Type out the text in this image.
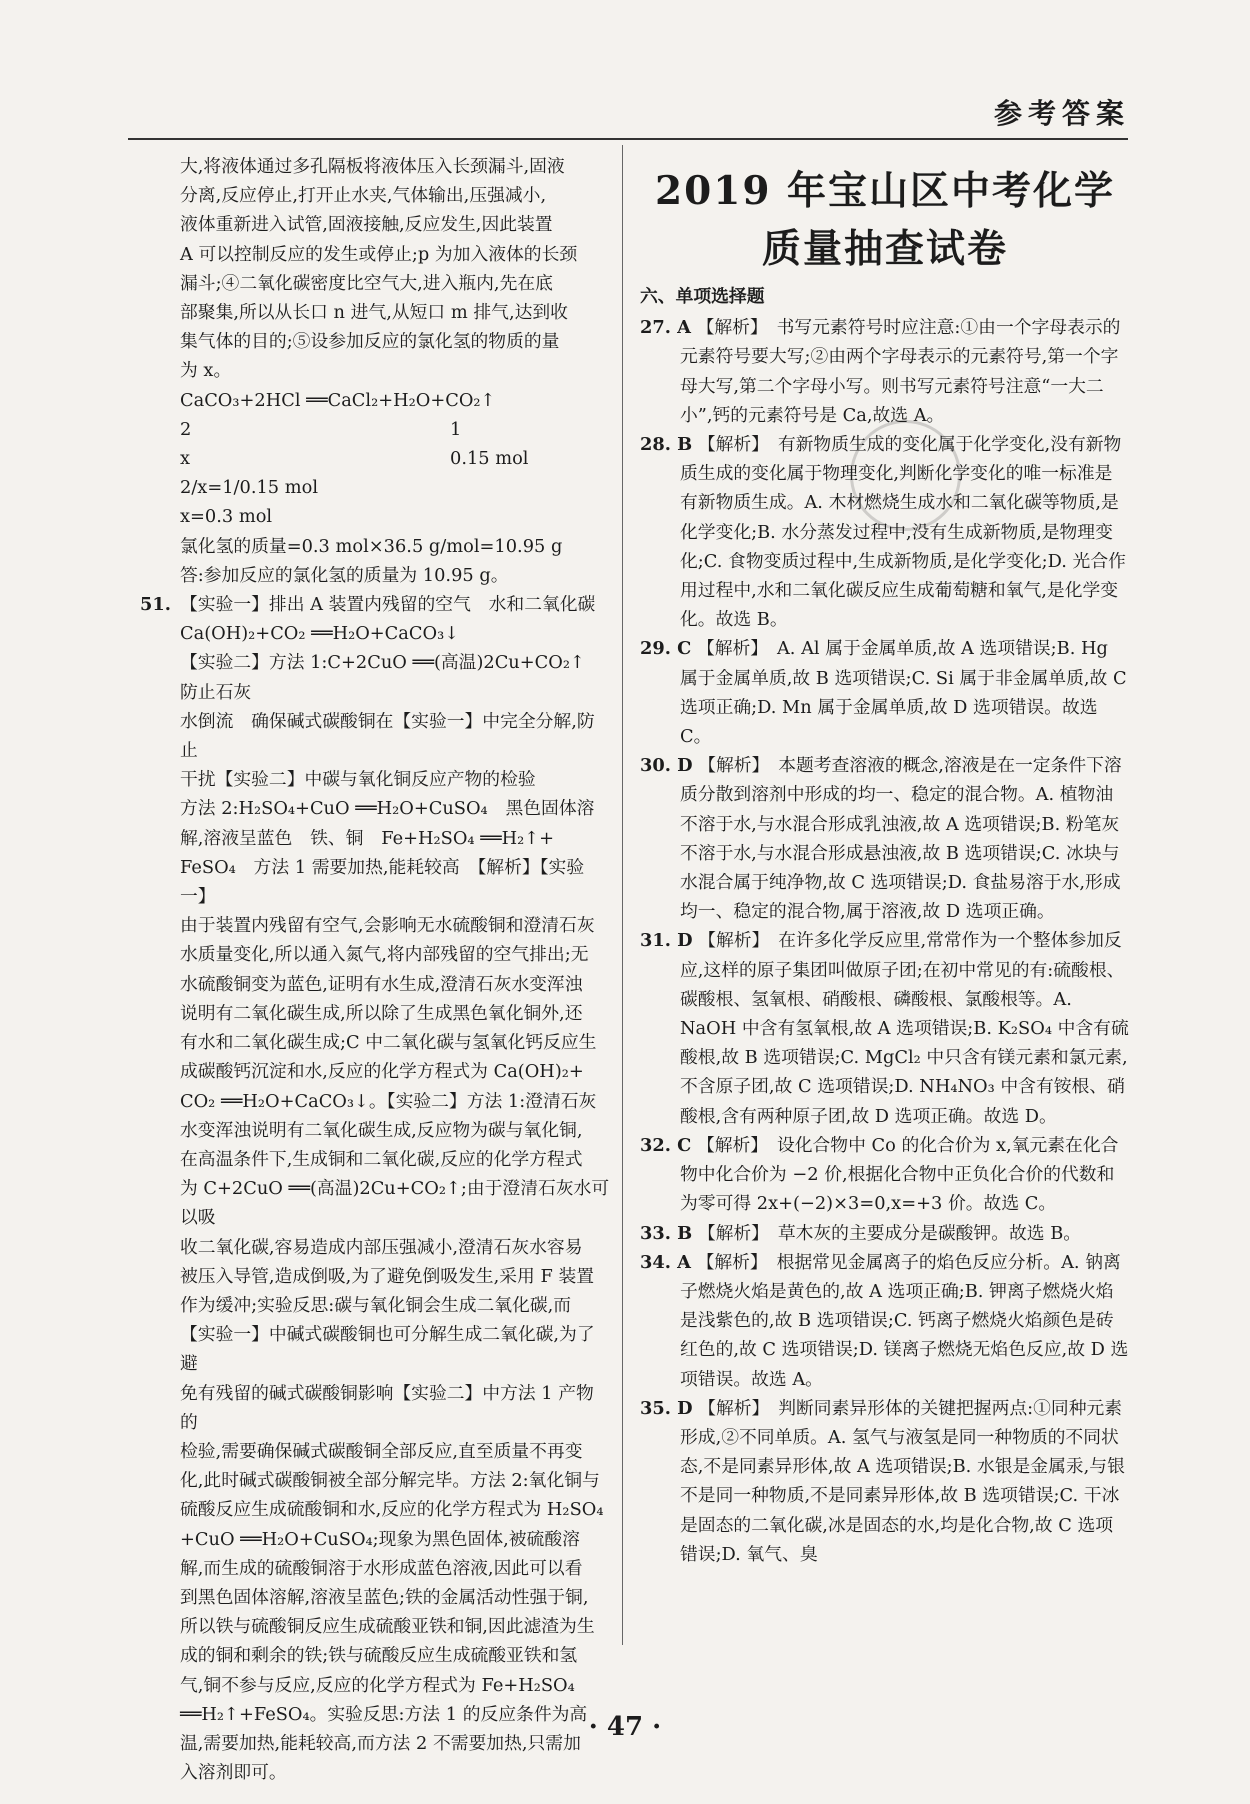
参考答案

大,将液体通过多孔隔板将液体压入长颈漏斗,固液

分离,反应停止,打开止水夹,气体输出,压强减小,

液体重新进入试管,固液接触,反应发生,因此装置

A 可以控制反应的发生或停止;p 为加入液体的长颈

漏斗;④二氧化碳密度比空气大,进入瓶内,先在底

部聚集,所以从长口 n 进气,从短口 m 排气,达到收

集气体的目的;⑤设参加反应的氯化氢的物质的量

为 x。

CaCO₃+2HCl ══CaCl₂+H₂O+CO₂↑

2	1

x	0.15 mol

2/x=1/0.15 mol

x=0.3 mol

氯化氢的质量=0.3 mol×36.5 g/mol=10.95 g

答:参加反应的氯化氢的质量为 10.95 g。

51. 【实验一】排出 A 装置内残留的空气　水和二氧化碳

Ca(OH)₂+CO₂ ══H₂O+CaCO₃↓

【实验二】方法 1:C+2CuO ══(高温)2Cu+CO₂↑　防止石灰

水倒流　确保碱式碳酸铜在【实验一】中完全分解,防止

干扰【实验二】中碳与氧化铜反应产物的检验

方法 2:H₂SO₄+CuO ══H₂O+CuSO₄　黑色固体溶

解,溶液呈蓝色　铁、铜　Fe+H₂SO₄ ══H₂↑+

FeSO₄　方法 1 需要加热,能耗较高　【解析】【实验一】

由于装置内残留有空气,会影响无水硫酸铜和澄清石灰

水质量变化,所以通入氮气,将内部残留的空气排出;无

水硫酸铜变为蓝色,证明有水生成,澄清石灰水变浑浊

说明有二氧化碳生成,所以除了生成黑色氧化铜外,还

有水和二氧化碳生成;C 中二氧化碳与氢氧化钙反应生

成碳酸钙沉淀和水,反应的化学方程式为 Ca(OH)₂+

CO₂ ══H₂O+CaCO₃↓。【实验二】方法 1:澄清石灰

水变浑浊说明有二氧化碳生成,反应物为碳与氧化铜,

在高温条件下,生成铜和二氧化碳,反应的化学方程式

为 C+2CuO ══(高温)2Cu+CO₂↑;由于澄清石灰水可以吸

收二氧化碳,容易造成内部压强减小,澄清石灰水容易

被压入导管,造成倒吸,为了避免倒吸发生,采用 F 装置

作为缓冲;实验反思:碳与氧化铜会生成二氧化碳,而

【实验一】中碱式碳酸铜也可分解生成二氧化碳,为了避

免有残留的碱式碳酸铜影响【实验二】中方法 1 产物的

检验,需要确保碱式碳酸铜全部反应,直至质量不再变

化,此时碱式碳酸铜被全部分解完毕。方法 2:氧化铜与

硫酸反应生成硫酸铜和水,反应的化学方程式为 H₂SO₄

+CuO ══H₂O+CuSO₄;现象为黑色固体,被硫酸溶

解,而生成的硫酸铜溶于水形成蓝色溶液,因此可以看

到黑色固体溶解,溶液呈蓝色;铁的金属活动性强于铜,

所以铁与硫酸铜反应生成硫酸亚铁和铜,因此滤渣为生

成的铜和剩余的铁;铁与硫酸反应生成硫酸亚铁和氢

气,铜不参与反应,反应的化学方程式为 Fe+H₂SO₄

══H₂↑+FeSO₄。实验反思:方法 1 的反应条件为高

温,需要加热,能耗较高,而方法 2 不需要加热,只需加

入溶剂即可。

2019 年宝山区中考化学
质量抽查试卷
六、单项选择题

27. A 【解析】　书写元素符号时应注意:①由一个字母表示的元素符号要大写;②由两个字母表示的元素符号,第一个字母大写,第二个字母小写。则书写元素符号注意“一大二小”,钙的元素符号是 Ca,故选 A。

28. B 【解析】　有新物质生成的变化属于化学变化,没有新物质生成的变化属于物理变化,判断化学变化的唯一标准是有新物质生成。A. 木材燃烧生成水和二氧化碳等物质,是化学变化;B. 水分蒸发过程中,没有生成新物质,是物理变化;C. 食物变质过程中,生成新物质,是化学变化;D. 光合作用过程中,水和二氧化碳反应生成葡萄糖和氧气,是化学变化。故选 B。

29. C 【解析】　A. Al 属于金属单质,故 A 选项错误;B. Hg 属于金属单质,故 B 选项错误;C. Si 属于非金属单质,故 C 选项正确;D. Mn 属于金属单质,故 D 选项错误。故选 C。

30. D 【解析】　本题考查溶液的概念,溶液是在一定条件下溶质分散到溶剂中形成的均一、稳定的混合物。A. 植物油不溶于水,与水混合形成乳浊液,故 A 选项错误;B. 粉笔灰不溶于水,与水混合形成悬浊液,故 B 选项错误;C. 冰块与水混合属于纯净物,故 C 选项错误;D. 食盐易溶于水,形成均一、稳定的混合物,属于溶液,故 D 选项正确。

31. D 【解析】　在许多化学反应里,常常作为一个整体参加反应,这样的原子集团叫做原子团;在初中常见的有:硫酸根、碳酸根、氢氧根、硝酸根、磷酸根、氯酸根等。A. NaOH 中含有氢氧根,故 A 选项错误;B. K₂SO₄ 中含有硫酸根,故 B 选项错误;C. MgCl₂ 中只含有镁元素和氯元素,不含原子团,故 C 选项错误;D. NH₄NO₃ 中含有铵根、硝酸根,含有两种原子团,故 D 选项正确。故选 D。

32. C 【解析】　设化合物中 Co 的化合价为 x,氧元素在化合物中化合价为 −2 价,根据化合物中正负化合价的代数和为零可得 2x+(−2)×3=0,x=+3 价。故选 C。

33. B 【解析】　草木灰的主要成分是碳酸钾。故选 B。

34. A 【解析】　根据常见金属离子的焰色反应分析。A. 钠离子燃烧火焰是黄色的,故 A 选项正确;B. 钾离子燃烧火焰是浅紫色的,故 B 选项错误;C. 钙离子燃烧火焰颜色是砖红色的,故 C 选项错误;D. 镁离子燃烧无焰色反应,故 D 选项错误。故选 A。

35. D 【解析】　判断同素异形体的关键把握两点:①同种元素形成,②不同单质。A. 氢气与液氢是同一种物质的不同状态,不是同素异形体,故 A 选项错误;B. 水银是金属汞,与银不是同一种物质,不是同素异形体,故 B 选项错误;C. 干冰是固态的二氧化碳,冰是固态的水,均是化合物,故 C 选项错误;D. 氧气、臭

· 47 ·
